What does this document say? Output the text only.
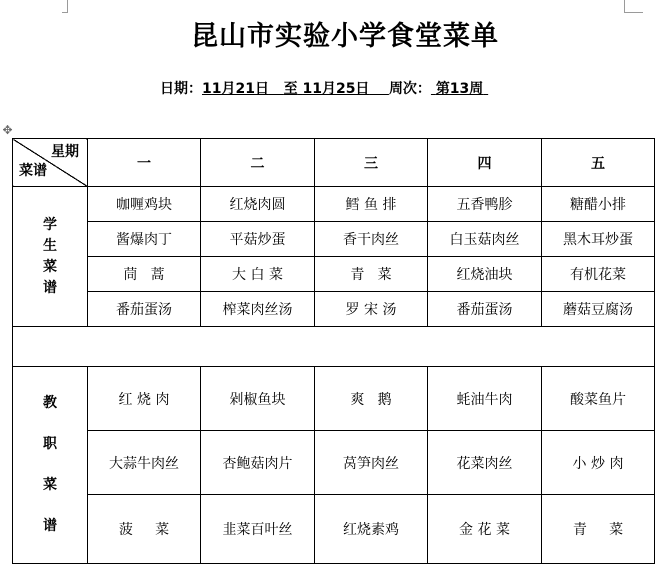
昆山市实验小学食堂菜单
日期：11月21日 至 11月25日 周次： 第13周
✥
星期
菜谱	一	二	三	四	五

学
生
菜
谱	咖喱鸡块	红烧肉圆	鳕 鱼 排	五香鸭胗	糖醋小排
	酱爆肉丁	平菇炒蛋	香干肉丝	白玉菇肉丝	黑木耳炒蛋
	茼   蒿	大 白 菜	青   菜	红烧油块	有机花菜
	番茄蛋汤	榨菜肉丝汤	罗 宋 汤	番茄蛋汤	蘑菇豆腐汤

教
职
菜
谱	红 烧 肉	剁椒鱼块	爽   鹅	蚝油牛肉	酸菜鱼片
	大蒜牛肉丝	杏鲍菇肉片	莴笋肉丝	花菜肉丝	小 炒 肉
	菠     菜	韭菜百叶丝	红烧素鸡	金 花 菜	青     菜
